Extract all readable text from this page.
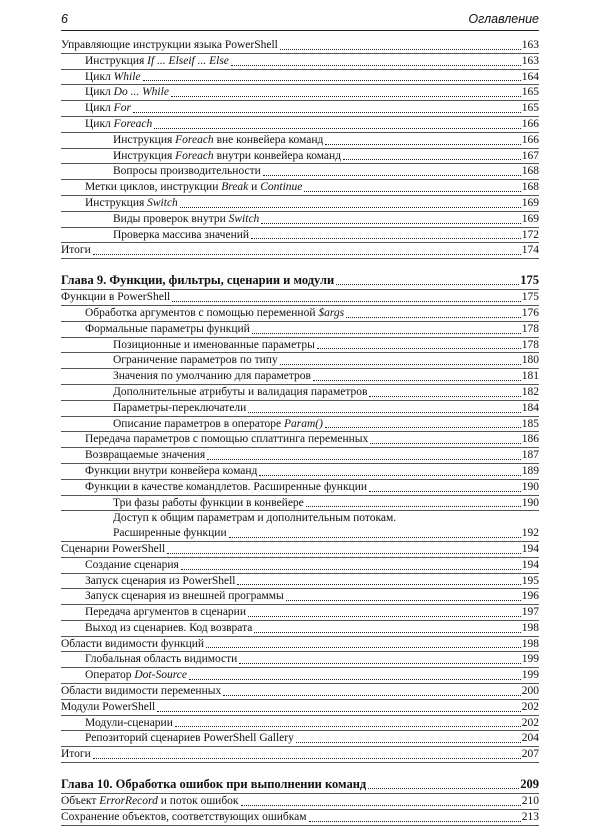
6	Оглавление
Управляющие инструкции языка PowerShell	163
Инструкция If ... Elseif ... Else	163
Цикл While	164
Цикл Do ... While	165
Цикл For	165
Цикл Foreach	166
Инструкция Foreach вне конвейера команд	166
Инструкция Foreach внутри конвейера команд	167
Вопросы производительности	168
Метки циклов, инструкции Break и Continue	168
Инструкция Switch	169
Виды проверок внутри Switch	169
Проверка массива значений	172
Итоги	174
Глава 9. Функции, фильтры, сценарии и модули	175
Функции в PowerShell	175
Обработка аргументов с помощью переменной $args	176
Формальные параметры функций	178
Позиционные и именованные параметры	178
Ограничение параметров по типу	180
Значения по умолчанию для параметров	181
Дополнительные атрибуты и валидация параметров	182
Параметры-переключатели	184
Описание параметров в операторе Param()	185
Передача параметров с помощью сплаттинга переменных	186
Возвращаемые значения	187
Функции внутри конвейера команд	189
Функции в качестве командлетов. Расширенные функции	190
Три фазы работы функции в конвейере	190
Доступ к общим параметрам и дополнительным потокам.
Расширенные функции	192
Сценарии PowerShell	194
Создание сценария	194
Запуск сценария из PowerShell	195
Запуск сценария из внешней программы	196
Передача аргументов в сценарии	197
Выход из сценариев. Код возврата	198
Области видимости функций	198
Глобальная область видимости	199
Оператор Dot-Source	199
Области видимости переменных	200
Модули PowerShell	202
Модули-сценарии	202
Репозиторий сценариев PowerShell Gallery	204
Итоги	207
Глава 10. Обработка ошибок при выполнении команд	209
Объект ErrorRecord и поток ошибок	210
Сохранение объектов, соответствующих ошибкам	213
